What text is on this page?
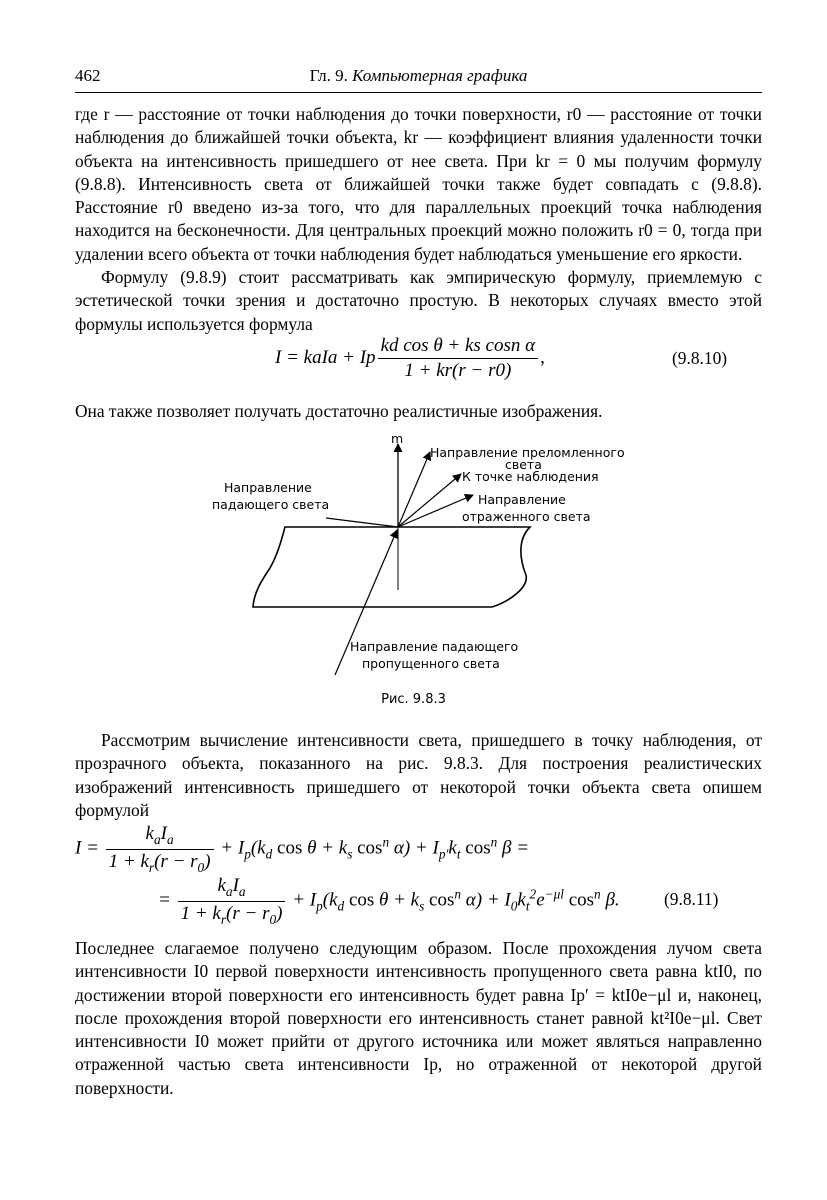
462	Гл. 9. Компьютерная графика
где r — расстояние от точки наблюдения до точки поверхности, r0 — расстояние от точки наблюдения до ближайшей точки объекта, kr — коэффициент влияния удаленности точки объекта на интенсивность пришедшего от нее света. При kr = 0 мы получим формулу (9.8.8). Интенсивность света от ближайшей точки также будет совпадать с (9.8.8). Расстояние r0 введено из-за того, что для параллельных проекций точка наблюдения находится на бесконечности. Для центральных проекций можно положить r0 = 0, тогда при удалении всего объекта от точки наблюдения будет наблюдаться уменьшение его яркости.
Формулу (9.8.9) стоит рассматривать как эмпирическую формулу, приемлемую с эстетической точки зрения и достаточно простую. В некоторых случаях вместо этой формулы используется формула
I = kaIa + Ip $\frac{\text{kd cos θ + ks cosn α}}{1 + kr(r - r0)}$ ,	(9.8.10)
Она также позволяет получать достаточно реалистичные изображения.
m
Направление преломленного
света
К точке наблюдения
Направление
отраженного света
Направление
падающего света
Направление падающего
пропущенного света
Рис. 9.8.3
Рассмотрим вычисление интенсивности света, пришедшего в точку наблюдения, от прозрачного объекта, показанного на рис. 9.8.3. Для построения реалистических изображений интенсивность пришедшего от некоторой точки объекта света опишем формулой
$I = \frac{k_aI_a}{1 + k_r(r - r_0)} + I_p(k_d$ $\cos \theta + k_s$ $\cos^n \alpha) + I_{p'}k_t$ $\cos^n \beta$ =
= $\frac{k_aI_a}{1 + k_r(r - r_0)} + I_p(k_d$ $\cos \theta + k_s$ $\cos^n \alpha) + I_0k_t^2e^{-\mu l}$ $\cos^n \beta$.	(9.8.11)
Последнее слагаемое получено следующим образом. После прохождения лучом света интенсивности I0 первой поверхности интенсивность пропущенного света равна ktI0, по достижении второй поверхности его интенсивность будет равна Ip′ = ktI0e−μl и, наконец, после прохождения второй поверхности его интенсивность станет равной kt²I0e−μl. Свет интенсивности I0 может прийти от другого источника или может являться направленно отраженной частью света интенсивности Ip, но отраженной от некоторой другой поверхности.
